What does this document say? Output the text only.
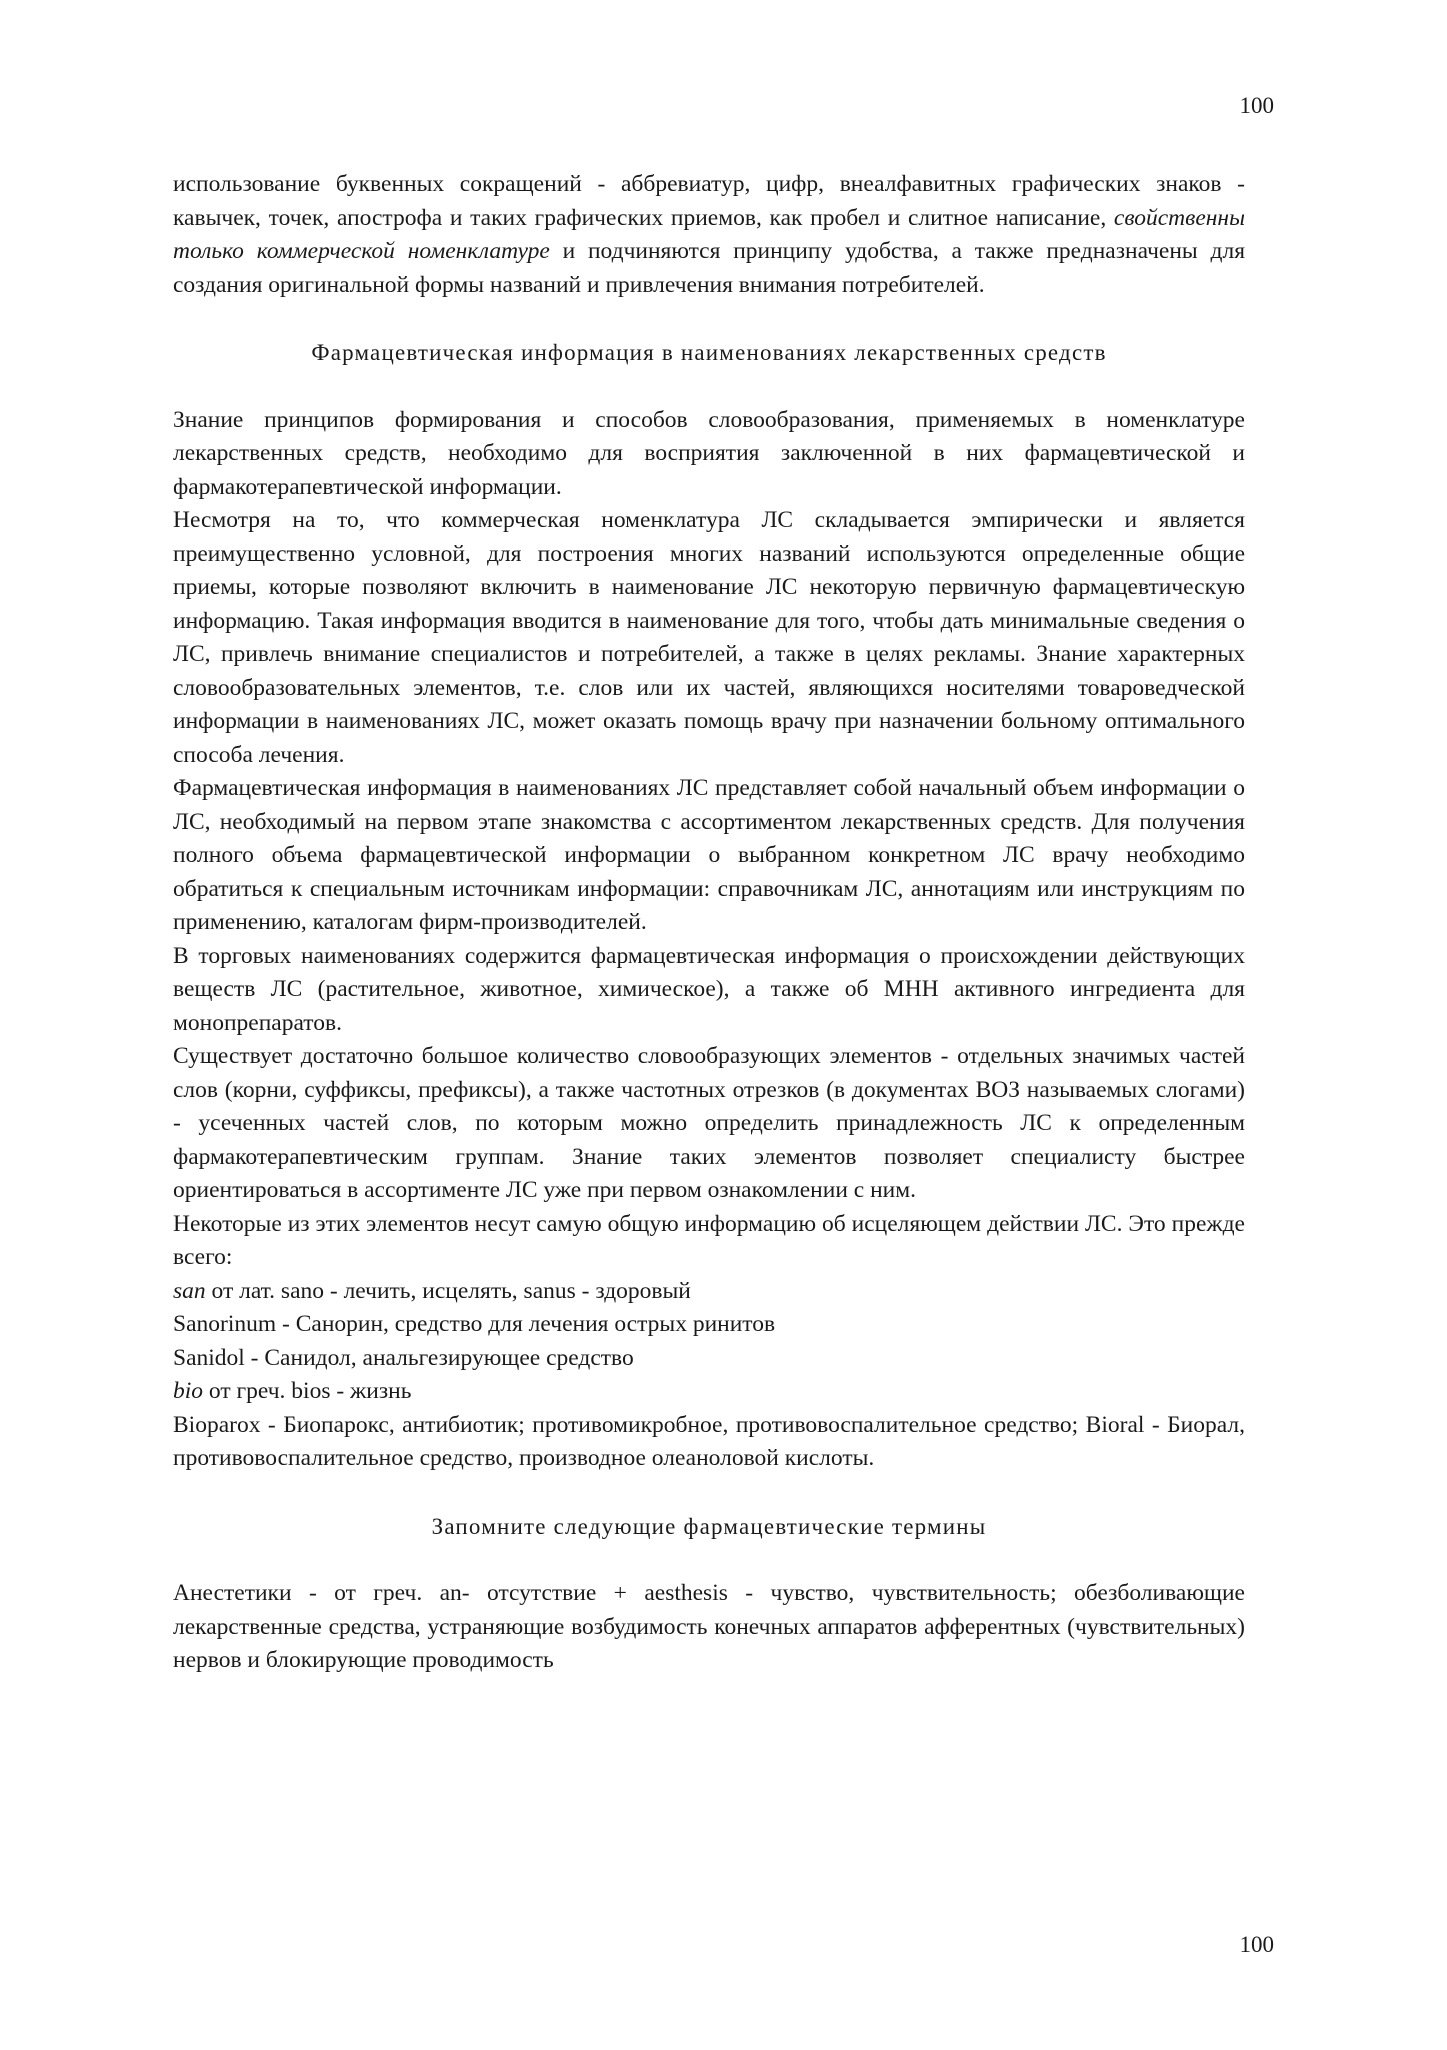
100

использование буквенных сокращений - аббревиатур, цифр, внеалфавитных графических знаков - кавычек, точек, апострофа и таких графических приемов, как пробел и слитное написание, свойственны только коммерческой номенклатуре и подчиняются принципу удобства, а также предназначены для создания оригинальной формы названий и привлечения внимания потребителей.

Фармацевтическая информация в наименованиях лекарственных средств

Знание принципов формирования и способов словообразования, применяемых в номенклатуре лекарственных средств, необходимо для восприятия заключенной в них фармацевтической и фармакотерапевтической информации.

Несмотря на то, что коммерческая номенклатура ЛС складывается эмпирически и является преимущественно условной, для построения многих названий используются определенные общие приемы, которые позволяют включить в наименование ЛС некоторую первичную фармацевтическую информацию. Такая информация вводится в наименование для того, чтобы дать минимальные сведения о ЛС, привлечь внимание специалистов и потребителей, а также в целях рекламы. Знание характерных словообразовательных элементов, т.е. слов или их частей, являющихся носителями товароведческой информации в наименованиях ЛС, может оказать помощь врачу при назначении больному оптимального способа лечения.

Фармацевтическая информация в наименованиях ЛС представляет собой начальный объем информации о ЛС, необходимый на первом этапе знакомства с ассортиментом лекарственных средств. Для получения полного объема фармацевтической информации о выбранном конкретном ЛС врачу необходимо обратиться к специальным источникам информации: справочникам ЛС, аннотациям или инструкциям по применению, каталогам фирм-производителей.

В торговых наименованиях содержится фармацевтическая информация о происхождении действующих веществ ЛС (растительное, животное, химическое), а также об МНН активного ингредиента для монопрепаратов.

Существует достаточно большое количество словообразующих элементов - отдельных значимых частей слов (корни, суффиксы, префиксы), а также частотных отрезков (в документах ВОЗ называемых слогами) - усеченных частей слов, по которым можно определить принадлежность ЛС к определенным фармакотерапевтическим группам. Знание таких элементов позволяет специалисту быстрее ориентироваться в ассортименте ЛС уже при первом ознакомлении с ним.

Некоторые из этих элементов несут самую общую информацию об исцеляющем действии ЛС. Это прежде всего:

san от лат. sano - лечить, исцелять, sanus - здоровый

Sanorinum - Санорин, средство для лечения острых ринитов

Sanidol - Санидол, анальгезирующее средство

bio от греч. bios - жизнь

Bioparox - Биопарокс, антибиотик; противомикробное, противовоспалительное средство; Bioral - Биорал, противовоспалительное средство, производное олеаноловой кислоты.

Запомните следующие фармацевтические термины

Анестетики - от греч. an- отсутствие + aesthesis - чувство, чувствительность; обезболивающие лекарственные средства, устраняющие возбудимость конечных аппаратов афферентных (чувствительных) нервов и блокирующие проводимость

100
